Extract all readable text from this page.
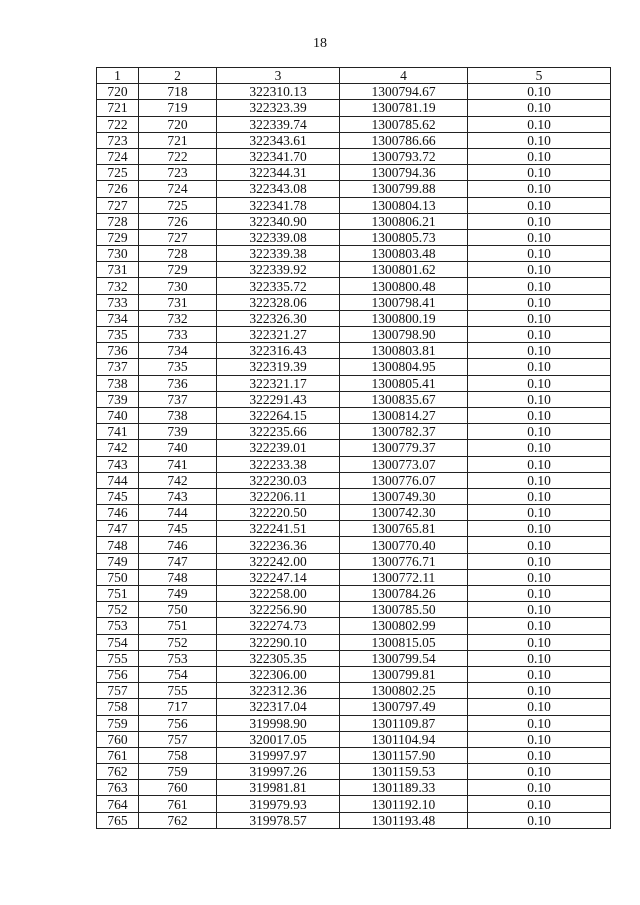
18
1	2	3	4	5
720	718	322310.13	1300794.67	0.10
721	719	322323.39	1300781.19	0.10
722	720	322339.74	1300785.62	0.10
723	721	322343.61	1300786.66	0.10
724	722	322341.70	1300793.72	0.10
725	723	322344.31	1300794.36	0.10
726	724	322343.08	1300799.88	0.10
727	725	322341.78	1300804.13	0.10
728	726	322340.90	1300806.21	0.10
729	727	322339.08	1300805.73	0.10
730	728	322339.38	1300803.48	0.10
731	729	322339.92	1300801.62	0.10
732	730	322335.72	1300800.48	0.10
733	731	322328.06	1300798.41	0.10
734	732	322326.30	1300800.19	0.10
735	733	322321.27	1300798.90	0.10
736	734	322316.43	1300803.81	0.10
737	735	322319.39	1300804.95	0.10
738	736	322321.17	1300805.41	0.10
739	737	322291.43	1300835.67	0.10
740	738	322264.15	1300814.27	0.10
741	739	322235.66	1300782.37	0.10
742	740	322239.01	1300779.37	0.10
743	741	322233.38	1300773.07	0.10
744	742	322230.03	1300776.07	0.10
745	743	322206.11	1300749.30	0.10
746	744	322220.50	1300742.30	0.10
747	745	322241.51	1300765.81	0.10
748	746	322236.36	1300770.40	0.10
749	747	322242.00	1300776.71	0.10
750	748	322247.14	1300772.11	0.10
751	749	322258.00	1300784.26	0.10
752	750	322256.90	1300785.50	0.10
753	751	322274.73	1300802.99	0.10
754	752	322290.10	1300815.05	0.10
755	753	322305.35	1300799.54	0.10
756	754	322306.00	1300799.81	0.10
757	755	322312.36	1300802.25	0.10
758	717	322317.04	1300797.49	0.10
759	756	319998.90	1301109.87	0.10
760	757	320017.05	1301104.94	0.10
761	758	319997.97	1301157.90	0.10
762	759	319997.26	1301159.53	0.10
763	760	319981.81	1301189.33	0.10
764	761	319979.93	1301192.10	0.10
765	762	319978.57	1301193.48	0.10
